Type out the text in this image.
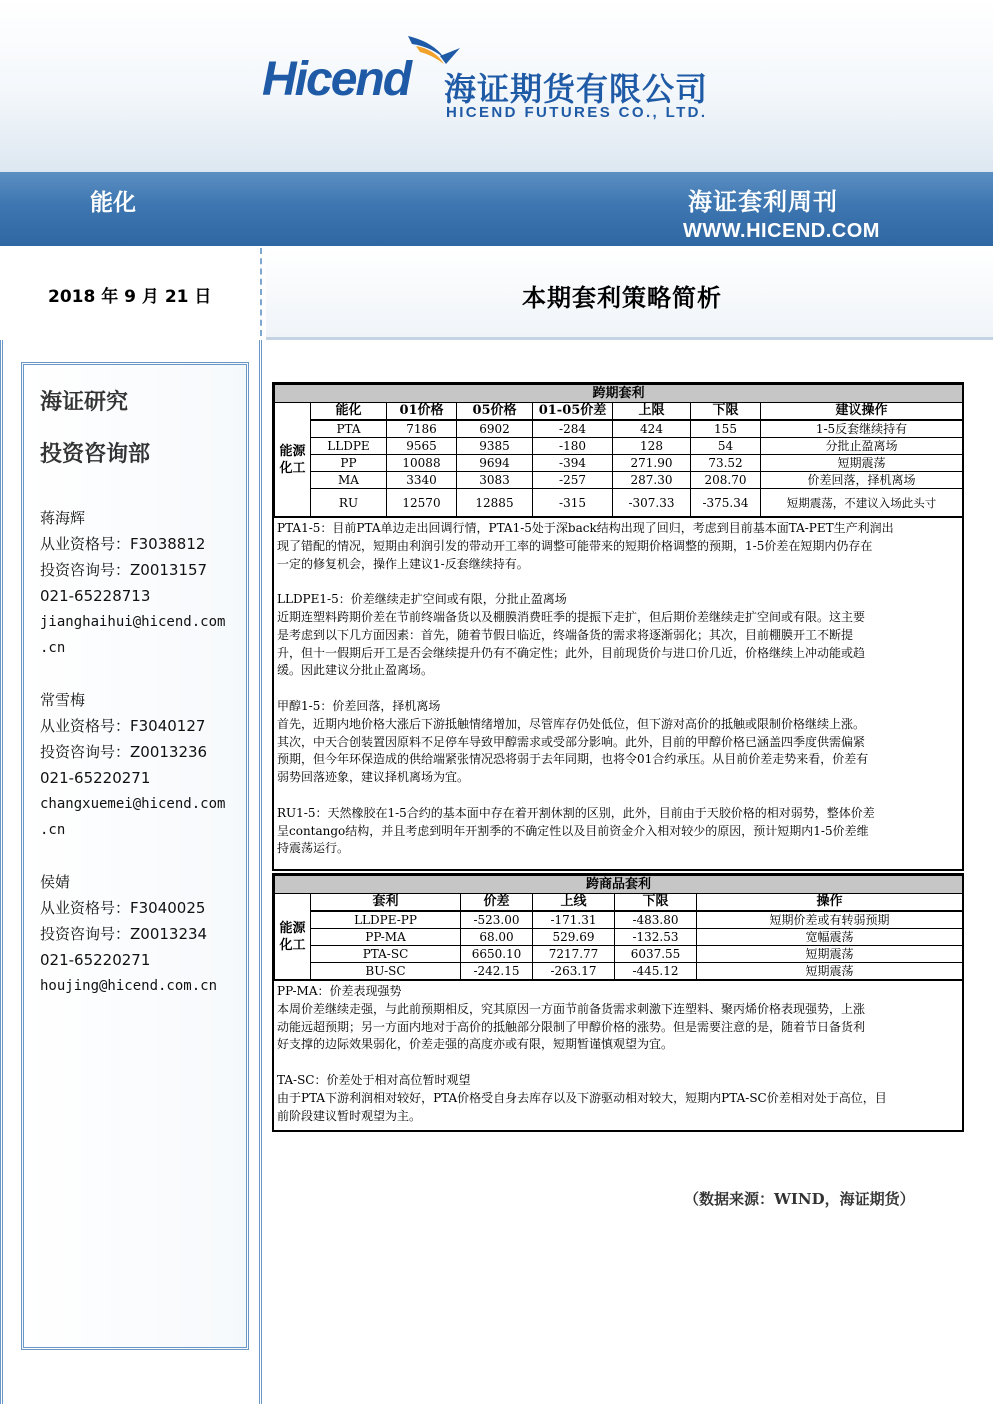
Hicend 海证期货有限公司
HICEND FUTURES CO., LTD.
能化	海证套利周刊
WWW.HICEND.COM
2018 年 9 月 21 日	本期套利策略简析
海证研究
投资咨询部
蒋海辉
从业资格号：F3038812
投资咨询号：Z0013157
021-65228713
jianghaihui@hicend.com
.cn
常雪梅
从业资格号：F3040127
投资咨询号：Z0013236
021-65220271
changxuemei@hicend.com
.cn
侯婧
从业资格号：F3040025
投资咨询号：Z0013234
021-65220271
houjing@hicend.com.cn
跨期套利							
能源化工	能化	01价格	05价格	01-05价差	上限	下限	建议操作
	PTA	7186	6902	-284	424	155	1-5反套继续持有
	LLDPE	9565	9385	-180	128	54	分批止盈离场
	PP	10088	9694	-394	271.90	73.52	短期震荡
	MA	3340	3083	-257	287.30	208.70	价差回落，择机离场
	RU	12570	12885	-315	-307.33	-375.34	短期震荡，不建议入场此头寸

PTA1-5：目前PTA单边走出回调行情，PTA1-5处于深back结构出现了回归，考虑到目前基本面TA-PET生产利润出

现了错配的情况，短期由利润引发的带动开工率的调整可能带来的短期价格调整的预期，1-5价差在短期内仍存在

一定的修复机会，操作上建议1-反套继续持有。

LLDPE1-5：价差继续走扩空间或有限，分批止盈离场

近期连塑料跨期价差在节前终端备货以及棚膜消费旺季的提振下走扩，但后期价差继续走扩空间或有限。这主要

是考虑到以下几方面因素：首先，随着节假日临近，终端备货的需求将逐渐弱化；其次，目前棚膜开工不断提

升，但十一假期后开工是否会继续提升仍有不确定性；此外，目前现货价与进口价几近，价格继续上冲动能或趋

缓。因此建议分批止盈离场。

甲醇1-5：价差回落，择机离场

首先，近期内地价格大涨后下游抵触情绪增加，尽管库存仍处低位，但下游对高价的抵触或限制价格继续上涨。

其次，中天合创装置因原料不足停车导致甲醇需求或受部分影响。此外，目前的甲醇价格已涵盖四季度供需偏紧

预期，但今年环保造成的供给端紧张情况恐将弱于去年同期，也将令01合约承压。从目前价差走势来看，价差有

弱势回落迹象，建议择机离场为宜。

RU1-5：天然橡胶在1-5合约的基本面中存在着开割休割的区别，此外，目前由于天胶价格的相对弱势，整体价差

呈contango结构，并且考虑到明年开割季的不确定性以及目前资金介入相对较少的原因，预计短期内1-5价差维

持震荡运行。

跨商品套利					
能源化工	套利	价差	上线	下限	操作
	LLDPE-PP	-523.00	-171.31	-483.80	短期价差或有转弱预期
	PP-MA	68.00	529.69	-132.53	宽幅震荡
	PTA-SC	6650.10	7217.77	6037.55	短期震荡
	BU-SC	-242.15	-263.17	-445.12	短期震荡

PP-MA：价差表现强势

本周价差继续走强，与此前预期相反，究其原因一方面节前备货需求刺激下连塑料、聚丙烯价格表现强势，上涨

动能远超预期；另一方面内地对于高价的抵触部分限制了甲醇价格的涨势。但是需要注意的是，随着节日备货利

好支撑的边际效果弱化，价差走强的高度亦或有限，短期暂谨慎观望为宜。

TA-SC：价差处于相对高位暂时观望

由于PTA下游利润相对较好，PTA价格受自身去库存以及下游驱动相对较大，短期内PTA-SC价差相对处于高位，目

前阶段建议暂时观望为主。

（数据来源：WIND，海证期货）
